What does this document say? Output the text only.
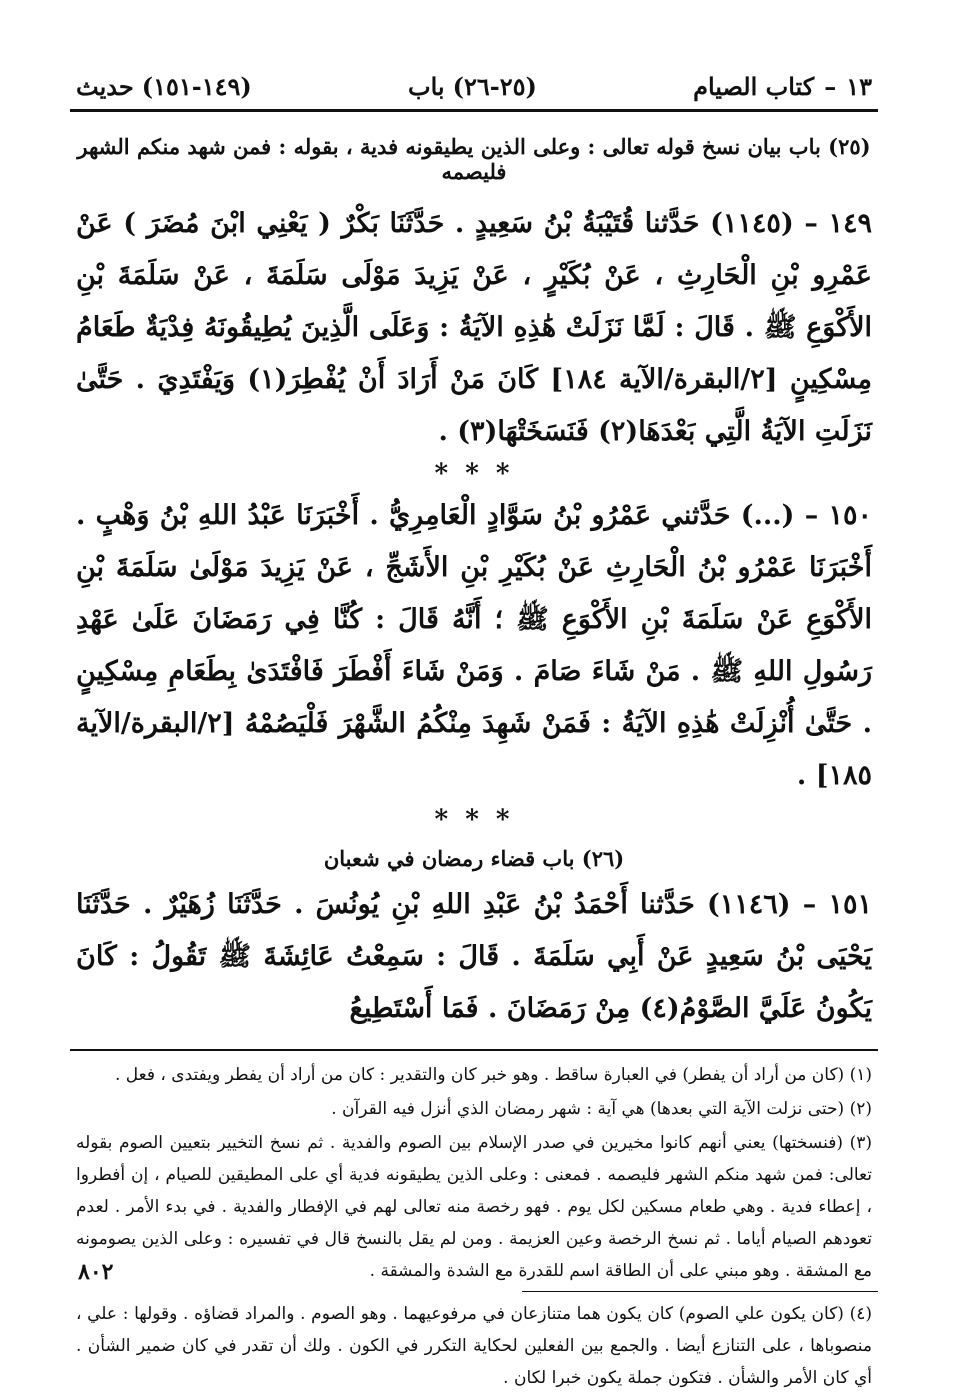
١٣
–
كتاب الصيام
(٢٥-٢٦)
باب
(١٤٩-١٥١)
حديث
(٢٥) باب بيان نسخ قوله تعالى : وعلى الذين يطيقونه فدية ، بقوله : فمن شهد منكم الشهر فليصمه

١٤٩ – (١١٤٥) حَدَّثنا قُتَيْبَةُ بْنُ سَعِيدٍ . حَدَّثَنَا بَكْرٌ ( يَعْنِي ابْنَ مُضَرَ ) عَنْ عَمْرِو بْنِ الْحَارِثِ ، عَنْ بُكَيْرٍ ، عَنْ يَزِيدَ مَوْلَى سَلَمَةَ ، عَنْ سَلَمَةَ بْنِ الأَكْوَعِ ﷺ . قَالَ : لَمَّا نَزَلَتْ هَٰذِهِ الآيَةُ : وَعَلَى الَّذِينَ يُطِيقُونَهُ فِدْيَةٌ طَعَامُ مِسْكِينٍ [٢/البقرة/الآية ١٨٤] كَانَ مَنْ أَرَادَ أَنْ يُفْطِرَ(١) وَيَفْتَدِيَ . حَتَّىٰ نَزَلَتِ الآيَةُ الَّتِي بَعْدَهَا(٢) فَنَسَخَتْهَا(٣) .

* * *

١٥٠ – (...) حَدَّثني عَمْرُو بْنُ سَوَّادٍ الْعَامِرِيُّ . أَخْبَرَنَا عَبْدُ اللهِ بْنُ وَهْبٍ . أَخْبَرَنَا عَمْرُو بْنُ الْحَارِثِ عَنْ بُكَيْرِ بْنِ الأَشَجِّ ، عَنْ يَزِيدَ مَوْلَىٰ سَلَمَةَ بْنِ الأَكْوَعِ عَنْ سَلَمَةَ بْنِ الأَكْوَعِ ﷺ ؛ أَنَّهُ قَالَ : كُنَّا فِي رَمَضَانَ عَلَىٰ عَهْدِ رَسُولِ اللهِ ﷺ . مَنْ شَاءَ صَامَ . وَمَنْ شَاءَ أَفْطَرَ فَافْتَدَىٰ بِطَعَامِ مِسْكِينٍ . حَتَّىٰ أُنْزِلَتْ هَٰذِهِ الآيَةُ : فَمَنْ شَهِدَ مِنْكُمُ الشَّهْرَ فَلْيَصُمْهُ [٢/البقرة/الآية ١٨٥] .

* * *
(٢٦) باب قضاء رمضان في شعبان

١٥١ – (١١٤٦) حَدَّثنا أَحْمَدُ بْنُ عَبْدِ اللهِ بْنِ يُونُسَ . حَدَّثَنَا زُهَيْرٌ . حَدَّثَنَا يَحْيَى بْنُ سَعِيدٍ عَنْ أَبِي سَلَمَةَ . قَالَ : سَمِعْتُ عَائِشَةَ ﷺ تَقُولُ : كَانَ يَكُونُ عَلَيَّ الصَّوْمُ(٤) مِنْ رَمَضَانَ . فَمَا أَسْتَطِيعُ

(١) (كان من أراد أن يفطر) في العبارة ساقط . وهو خبر كان والتقدير : كان من أراد أن يفطر ويفتدى ، فعل .

(٢) (حتى نزلت الآية التي بعدها) هي آية : شهر رمضان الذي أنزل فيه القرآن .

(٣) (فنسختها) يعني أنهم كانوا مخيرين في صدر الإسلام بين الصوم والفدية . ثم نسخ التخيير بتعيين الصوم بقوله تعالى: فمن شهد منكم الشهر فليصمه . فمعنى : وعلى الذين يطيقونه فدية أي على المطيقين للصيام ، إن أفطروا ، إعطاء فدية . وهي طعام مسكين لكل يوم . فهو رخصة منه تعالى لهم في الإفطار والفدية . في بدء الأمر . لعدم تعودهم الصيام أياما . ثم نسخ الرخصة وعين العزيمة . ومن لم يقل بالنسخ قال في تفسيره : وعلى الذين يصومونه مع المشقة . وهو مبني على أن الطاقة اسم للقدرة مع الشدة والمشقة .

(٤) (كان يكون علي الصوم) كان يكون هما متنازعان في مرفوعيهما . وهو الصوم . والمراد قضاؤه . وقولها : علي ، منصوباها ، على التنازع أيضا . والجمع بين الفعلين لحكاية التكرر في الكون . ولك أن تقدر في كان ضمير الشأن . أي كان الأمر والشأن . فتكون جملة يكون خبرا لكان .

٨٠٢
